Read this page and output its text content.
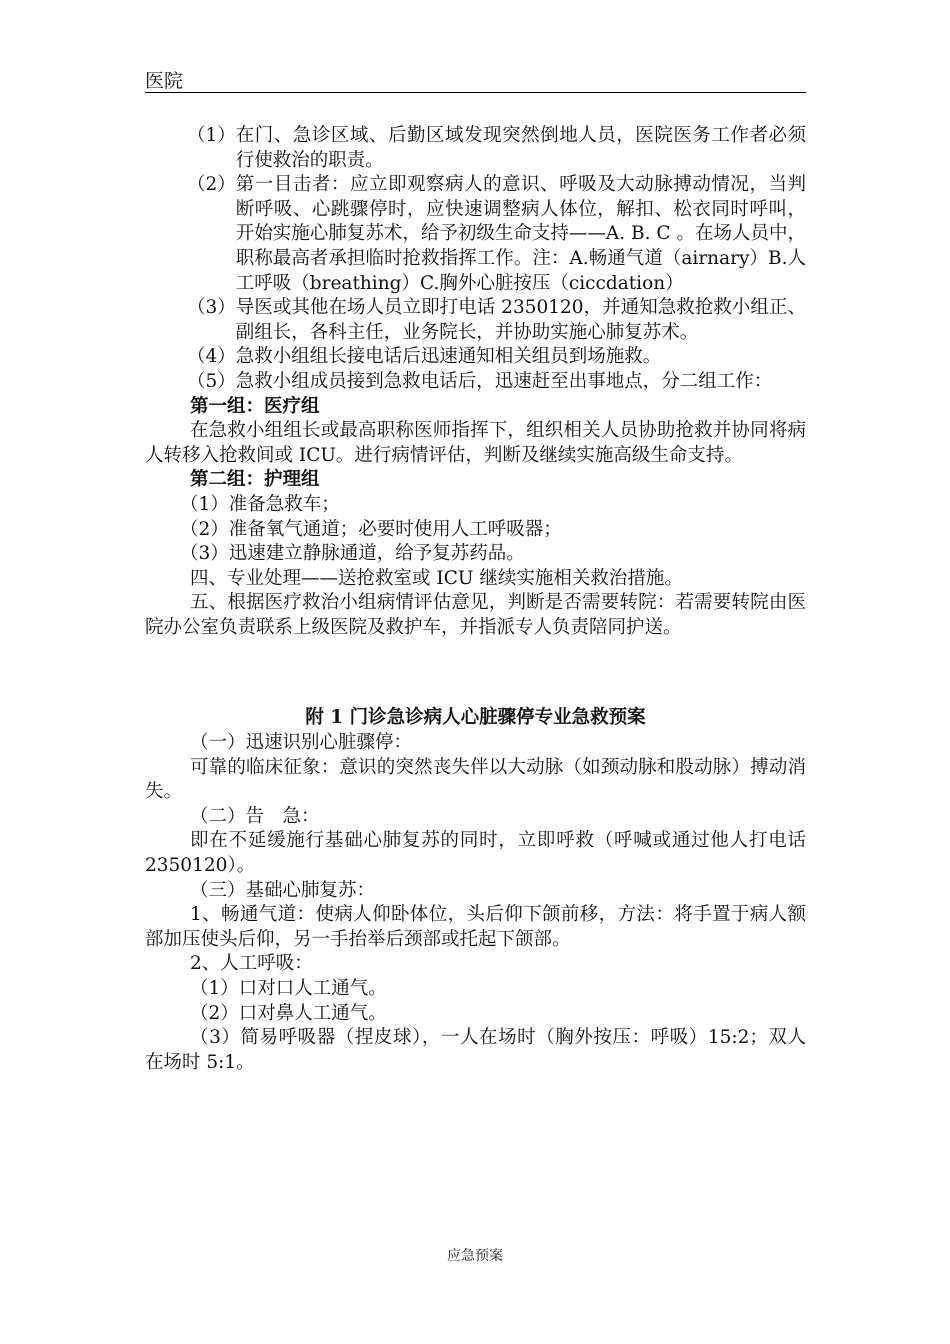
医院
（1） 在门、急诊区域、后勤区域发现突然倒地人员，医院医务工作者必须行使救治的职责。
（2） 第一目击者：应立即观察病人的意识、呼吸及大动脉搏动情况，当判断呼吸、心跳骤停时，应快速调整病人体位，解扣、松衣同时呼叫，开始实施心肺复苏术，给予初级生命支持——A. B. C 。在场人员中，职称最高者承担临时抢救指挥工作。注：A.畅通气道（airnary）B.人工呼吸（breathing）C.胸外心脏按压（ciccdation）
（3） 导医或其他在场人员立即打电话 2350120，并通知急救抢救小组正、副组长，各科主任，业务院长，并协助实施心肺复苏术。
（4） 急救小组组长接电话后迅速通知相关组员到场施救。
（5） 急救小组成员接到急救电话后，迅速赶至出事地点，分二组工作：

第一组：医疗组

在急救小组组长或最高职称医师指挥下，组织相关人员协助抢救并协同将病人转移入抢救间或 ICU。进行病情评估，判断及继续实施高级生命支持。

第二组：护理组

（1）准备急救车；

（2）准备氧气通道；必要时使用人工呼吸器；

（3）迅速建立静脉通道，给予复苏药品。

四、专业处理——送抢救室或 ICU 继续实施相关救治措施。

五、根据医疗救治小组病情评估意见，判断是否需要转院：若需要转院由医院办公室负责联系上级医院及救护车，并指派专人负责陪同护送。

附 1 门诊急诊病人心脏骤停专业急救预案

（一）迅速识别心脏骤停：

可靠的临床征象：意识的突然丧失伴以大动脉（如颈动脉和股动脉）搏动消失。

（二）告　急：

即在不延缓施行基础心肺复苏的同时，立即呼救（呼喊或通过他人打电话 2350120）。

（三）基础心肺复苏：

1、畅通气道：使病人仰卧体位，头后仰下颌前移，方法：将手置于病人额部加压使头后仰，另一手抬举后颈部或托起下颌部。

2、人工呼吸：

（1）口对口人工通气。

（2）口对鼻人工通气。

（3）简易呼吸器（捏皮球），一人在场时（胸外按压：呼吸）15:2；双人在场时 5:1。

应急预案
